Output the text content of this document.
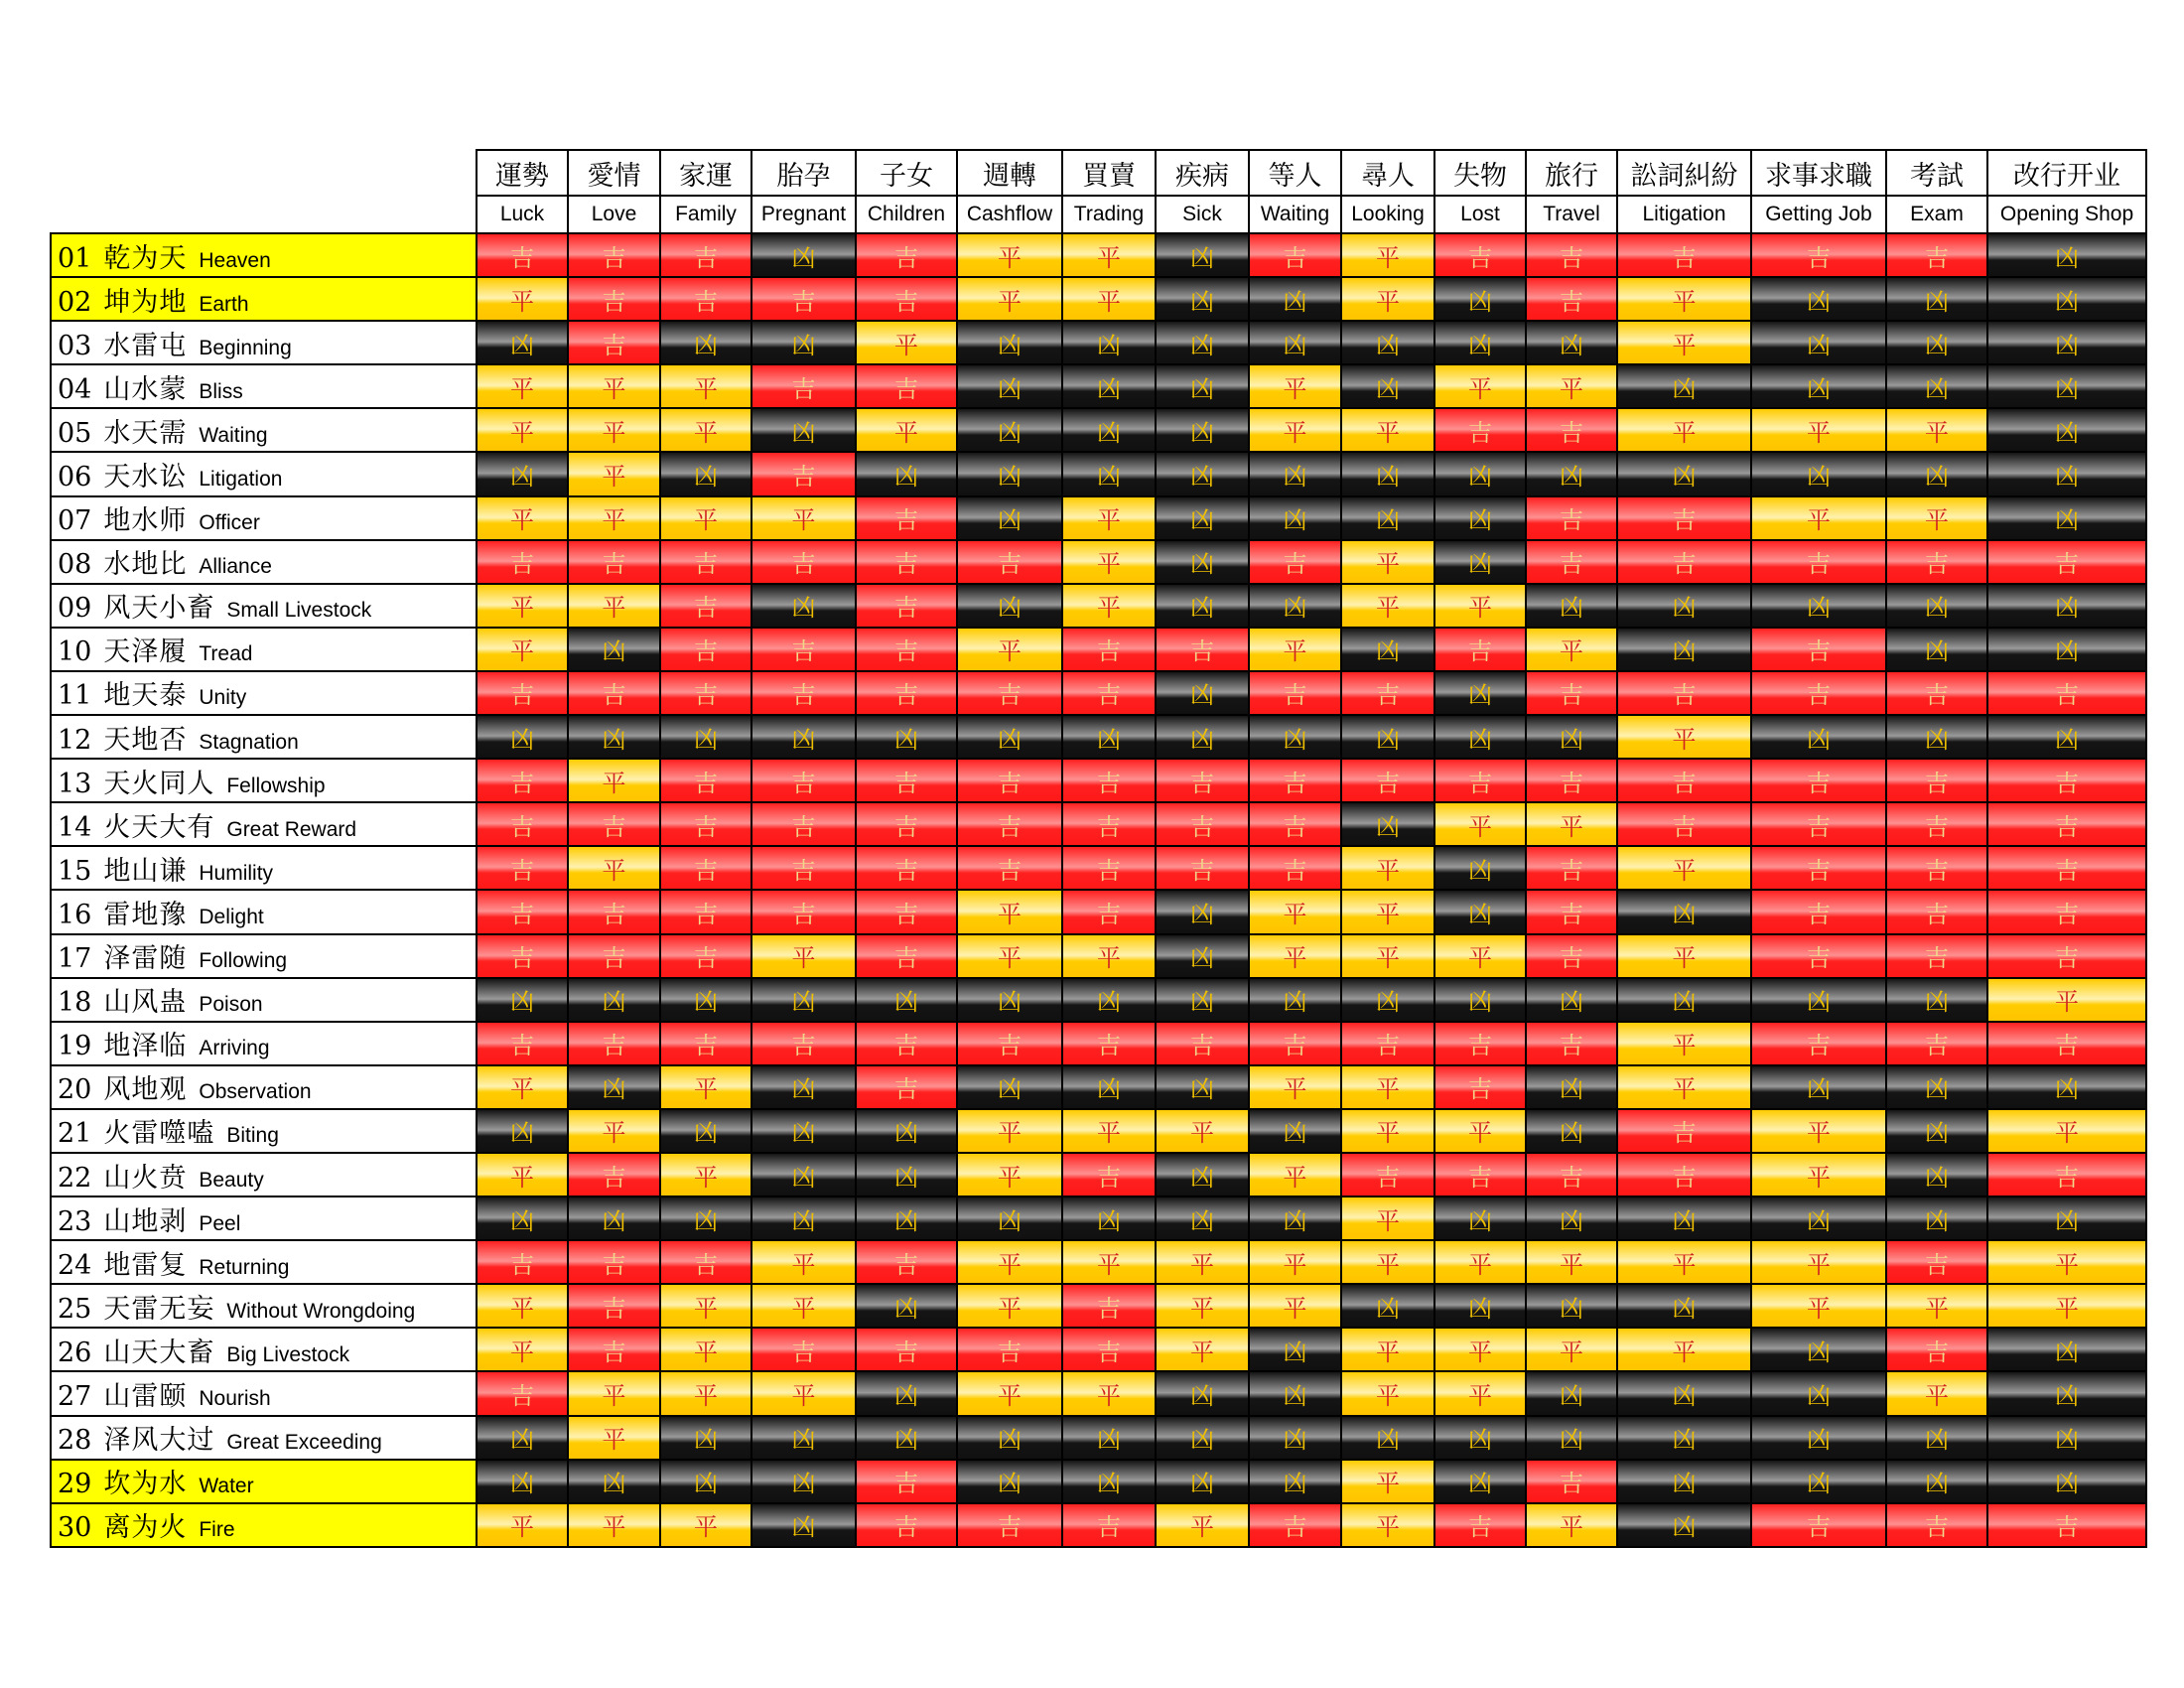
	運勢	愛情	家運	胎孕	子女	週轉	買賣	疾病	等人	尋人	失物	旅行	訟詞糾紛	求事求職	考試	改行开业
	Luck	Love	Family	Pregnant	Children	Cashflow	Trading	Sick	Waiting	Looking	Lost	Travel	Litigation	Getting Job	Exam	Opening Shop
01 乾为天 Heaven	吉	吉	吉	凶	吉	平	平	凶	吉	平	吉	吉	吉	吉	吉	凶
02 坤为地 Earth	平	吉	吉	吉	吉	平	平	凶	凶	平	凶	吉	平	凶	凶	凶
03 水雷屯 Beginning	凶	吉	凶	凶	平	凶	凶	凶	凶	凶	凶	凶	平	凶	凶	凶
04 山水蒙 Bliss	平	平	平	吉	吉	凶	凶	凶	平	凶	平	平	凶	凶	凶	凶
05 水天需 Waiting	平	平	平	凶	平	凶	凶	凶	平	平	吉	吉	平	平	平	凶
06 天水讼 Litigation	凶	平	凶	吉	凶	凶	凶	凶	凶	凶	凶	凶	凶	凶	凶	凶
07 地水师 Officer	平	平	平	平	吉	凶	平	凶	凶	凶	凶	吉	吉	平	平	凶
08 水地比 Alliance	吉	吉	吉	吉	吉	吉	平	凶	吉	平	凶	吉	吉	吉	吉	吉
09 风天小畜 Small Livestock	平	平	吉	凶	吉	凶	平	凶	凶	平	平	凶	凶	凶	凶	凶
10 天泽履 Tread	平	凶	吉	吉	吉	平	吉	吉	平	凶	吉	平	凶	吉	凶	凶
11 地天泰 Unity	吉	吉	吉	吉	吉	吉	吉	凶	吉	吉	凶	吉	吉	吉	吉	吉
12 天地否 Stagnation	凶	凶	凶	凶	凶	凶	凶	凶	凶	凶	凶	凶	平	凶	凶	凶
13 天火同人 Fellowship	吉	平	吉	吉	吉	吉	吉	吉	吉	吉	吉	吉	吉	吉	吉	吉
14 火天大有 Great Reward	吉	吉	吉	吉	吉	吉	吉	吉	吉	凶	平	平	吉	吉	吉	吉
15 地山谦 Humility	吉	平	吉	吉	吉	吉	吉	吉	吉	平	凶	吉	平	吉	吉	吉
16 雷地豫 Delight	吉	吉	吉	吉	吉	平	吉	凶	平	平	凶	吉	凶	吉	吉	吉
17 泽雷随 Following	吉	吉	吉	平	吉	平	平	凶	平	平	平	吉	平	吉	吉	吉
18 山风蛊 Poison	凶	凶	凶	凶	凶	凶	凶	凶	凶	凶	凶	凶	凶	凶	凶	平
19 地泽临 Arriving	吉	吉	吉	吉	吉	吉	吉	吉	吉	吉	吉	吉	平	吉	吉	吉
20 风地观 Observation	平	凶	平	凶	吉	凶	凶	凶	平	平	吉	凶	平	凶	凶	凶
21 火雷噬嗑 Biting	凶	平	凶	凶	凶	平	平	平	凶	平	平	凶	吉	平	凶	平
22 山火贲 Beauty	平	吉	平	凶	凶	平	吉	凶	平	吉	吉	吉	吉	平	凶	吉
23 山地剥 Peel	凶	凶	凶	凶	凶	凶	凶	凶	凶	平	凶	凶	凶	凶	凶	凶
24 地雷复 Returning	吉	吉	吉	平	吉	平	平	平	平	平	平	平	平	平	吉	平
25 天雷无妄 Without Wrongdoing	平	吉	平	平	凶	平	吉	平	平	凶	凶	凶	凶	平	平	平
26 山天大畜 Big Livestock	平	吉	平	吉	吉	吉	吉	平	凶	平	平	平	平	凶	吉	凶
27 山雷颐 Nourish	吉	平	平	平	凶	平	平	凶	凶	平	平	凶	凶	凶	平	凶
28 泽风大过 Great Exceeding	凶	平	凶	凶	凶	凶	凶	凶	凶	凶	凶	凶	凶	凶	凶	凶
29 坎为水 Water	凶	凶	凶	凶	吉	凶	凶	凶	凶	平	凶	吉	凶	凶	凶	凶
30 离为火 Fire	平	平	平	凶	吉	吉	吉	平	吉	平	吉	平	凶	吉	吉	吉
